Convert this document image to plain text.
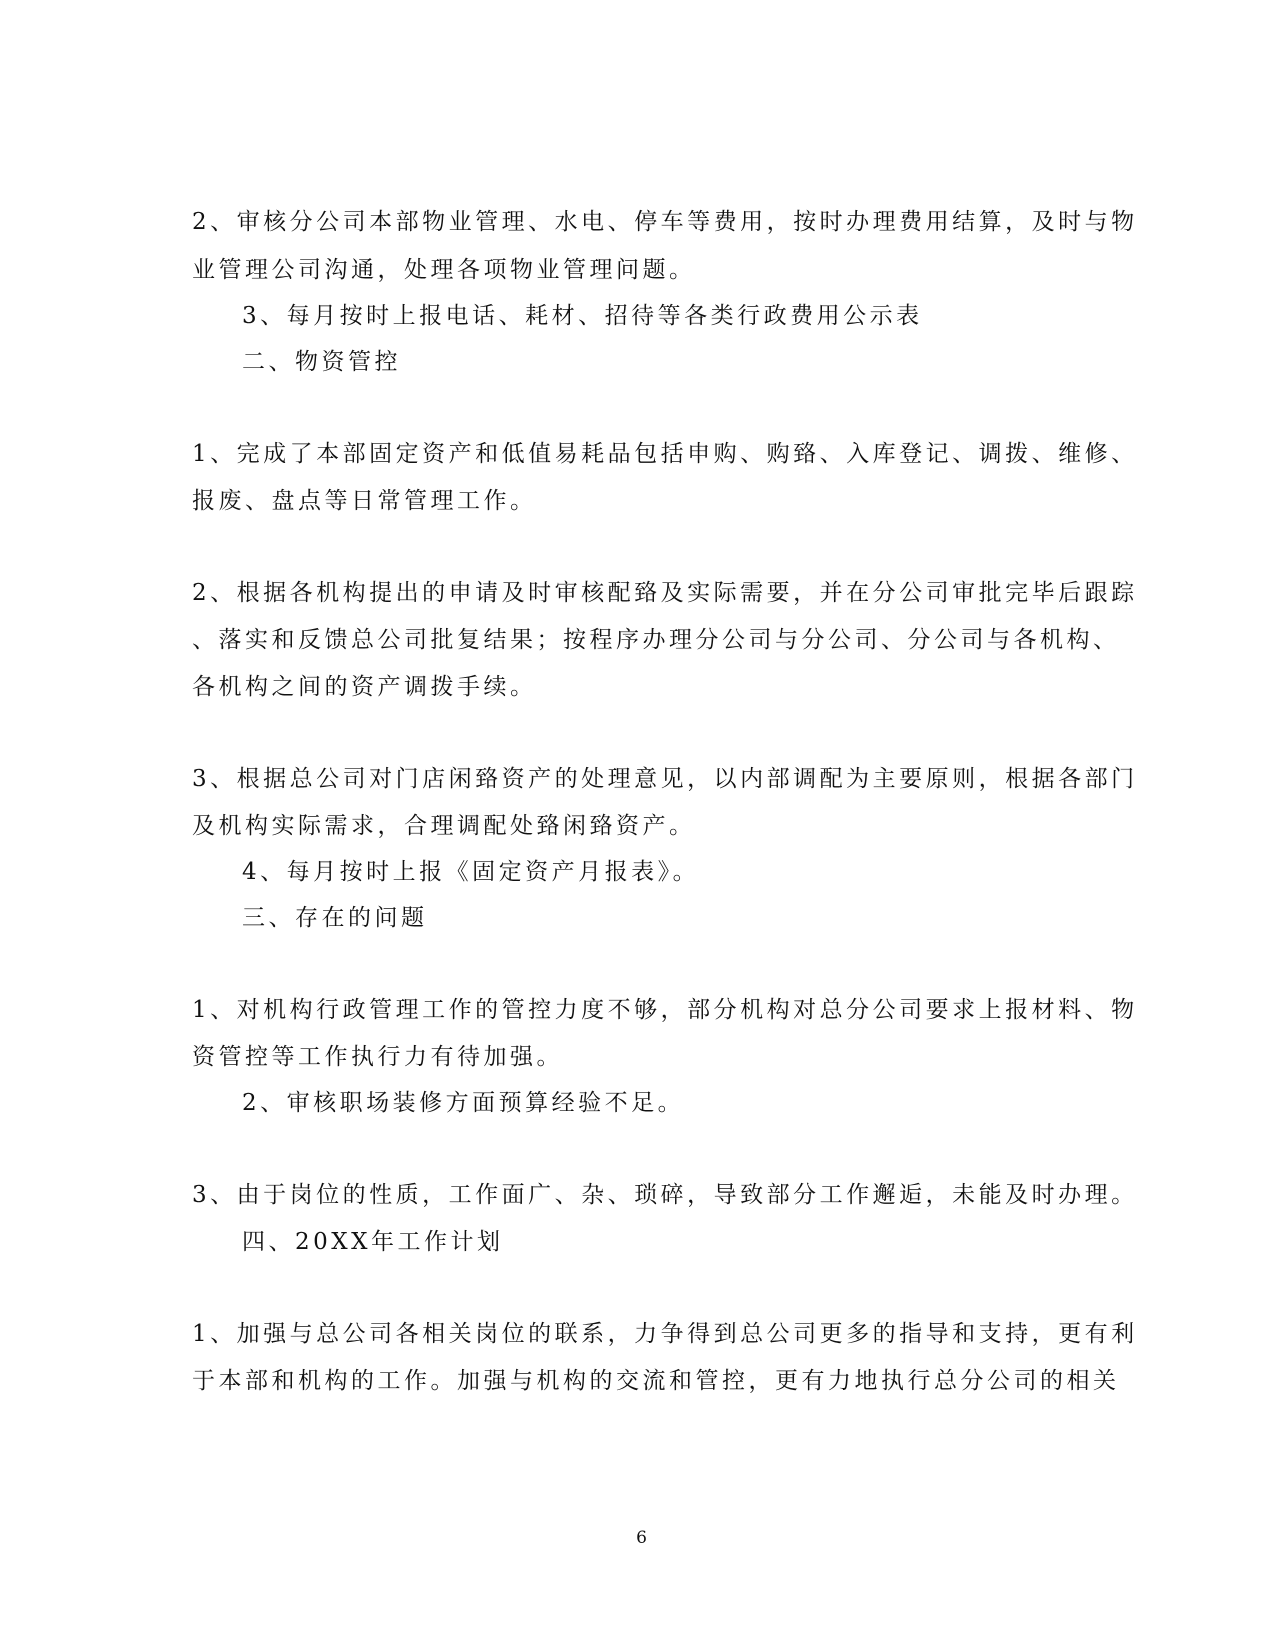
2、审核分公司本部物业管理、水电、停车等费用，按时办理费用结算，及时与物
业管理公司沟通，处理各项物业管理问题。
3、每月按时上报电话、耗材、招待等各类行政费用公示表
二、物资管控
1、完成了本部固定资产和低值易耗品包括申购、购臵、入库登记、调拨、维修、
报废、盘点等日常管理工作。
2、根据各机构提出的申请及时审核配臵及实际需要，并在分公司审批完毕后跟踪
、落实和反馈总公司批复结果；按程序办理分公司与分公司、分公司与各机构、
各机构之间的资产调拨手续。
3、根据总公司对门店闲臵资产的处理意见，以内部调配为主要原则，根据各部门
及机构实际需求，合理调配处臵闲臵资产。
4、每月按时上报《固定资产月报表》。
三、存在的问题
1、对机构行政管理工作的管控力度不够，部分机构对总分公司要求上报材料、物
资管控等工作执行力有待加强。
2、审核职场装修方面预算经验不足。
3、由于岗位的性质，工作面广、杂、琐碎，导致部分工作邂逅，未能及时办理。
四、20XX年工作计划
1、加强与总公司各相关岗位的联系，力争得到总公司更多的指导和支持，更有利
于本部和机构的工作。加强与机构的交流和管控，更有力地执行总分公司的相关
6
